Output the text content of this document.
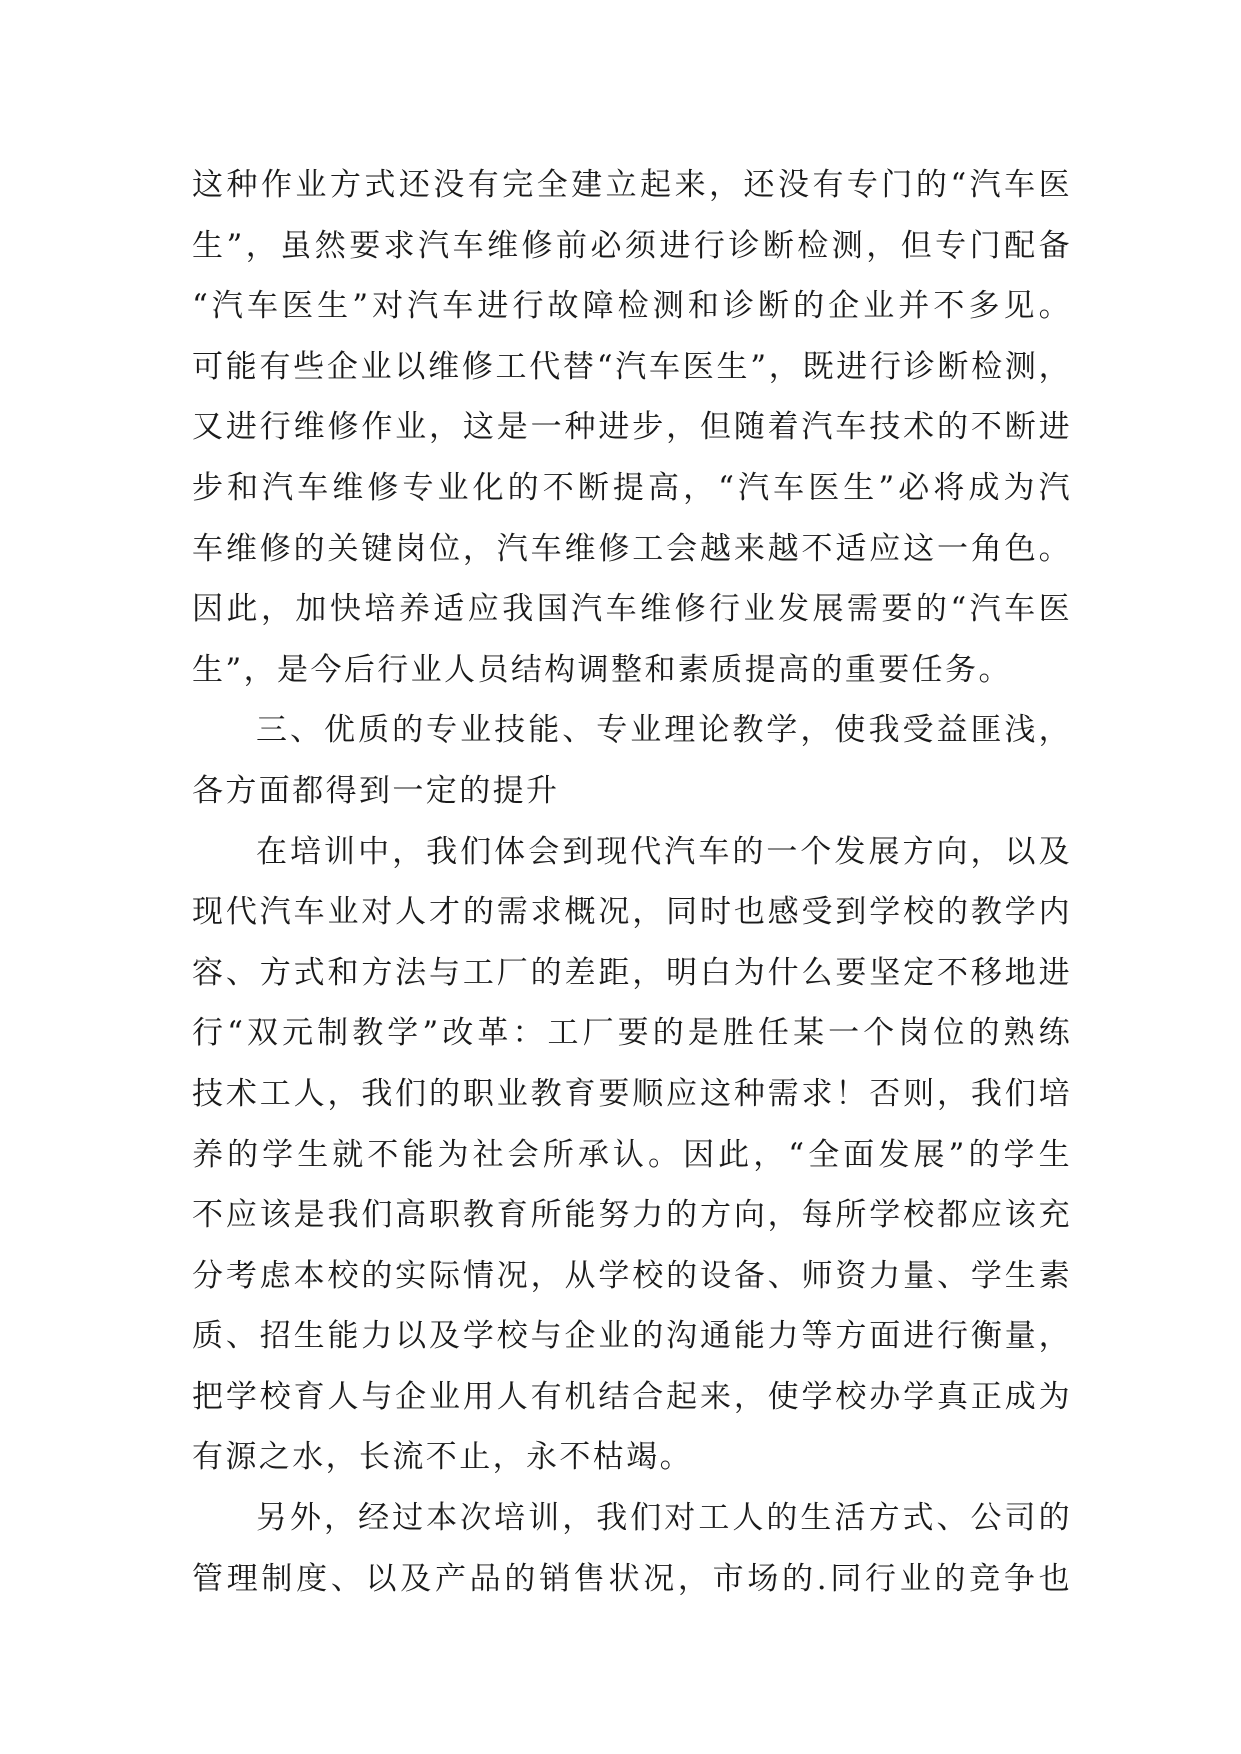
这种作业方式还没有完全建立起来，还没有专门的“汽车医
生”，虽然要求汽车维修前必须进行诊断检测，但专门配备
“汽车医生”对汽车进行故障检测和诊断的企业并不多见。
可能有些企业以维修工代替“汽车医生”，既进行诊断检测，
又进行维修作业，这是一种进步，但随着汽车技术的不断进
步和汽车维修专业化的不断提高，“汽车医生”必将成为汽
车维修的关键岗位，汽车维修工会越来越不适应这一角色。
因此，加快培养适应我国汽车维修行业发展需要的“汽车医
生”，是今后行业人员结构调整和素质提高的重要任务。
三、优质的专业技能、专业理论教学，使我受益匪浅，
各方面都得到一定的提升
在培训中，我们体会到现代汽车的一个发展方向，以及
现代汽车业对人才的需求概况，同时也感受到学校的教学内
容、方式和方法与工厂的差距，明白为什么要坚定不移地进
行“双元制教学”改革：工厂要的是胜任某一个岗位的熟练
技术工人，我们的职业教育要顺应这种需求！否则，我们培
养的学生就不能为社会所承认。因此，“全面发展”的学生
不应该是我们高职教育所能努力的方向，每所学校都应该充
分考虑本校的实际情况，从学校的设备、师资力量、学生素
质、招生能力以及学校与企业的沟通能力等方面进行衡量，
把学校育人与企业用人有机结合起来，使学校办学真正成为
有源之水，长流不止，永不枯竭。
另外，经过本次培训，我们对工人的生活方式、公司的
管理制度、以及产品的销售状况，市场的.同行业的竞争也
